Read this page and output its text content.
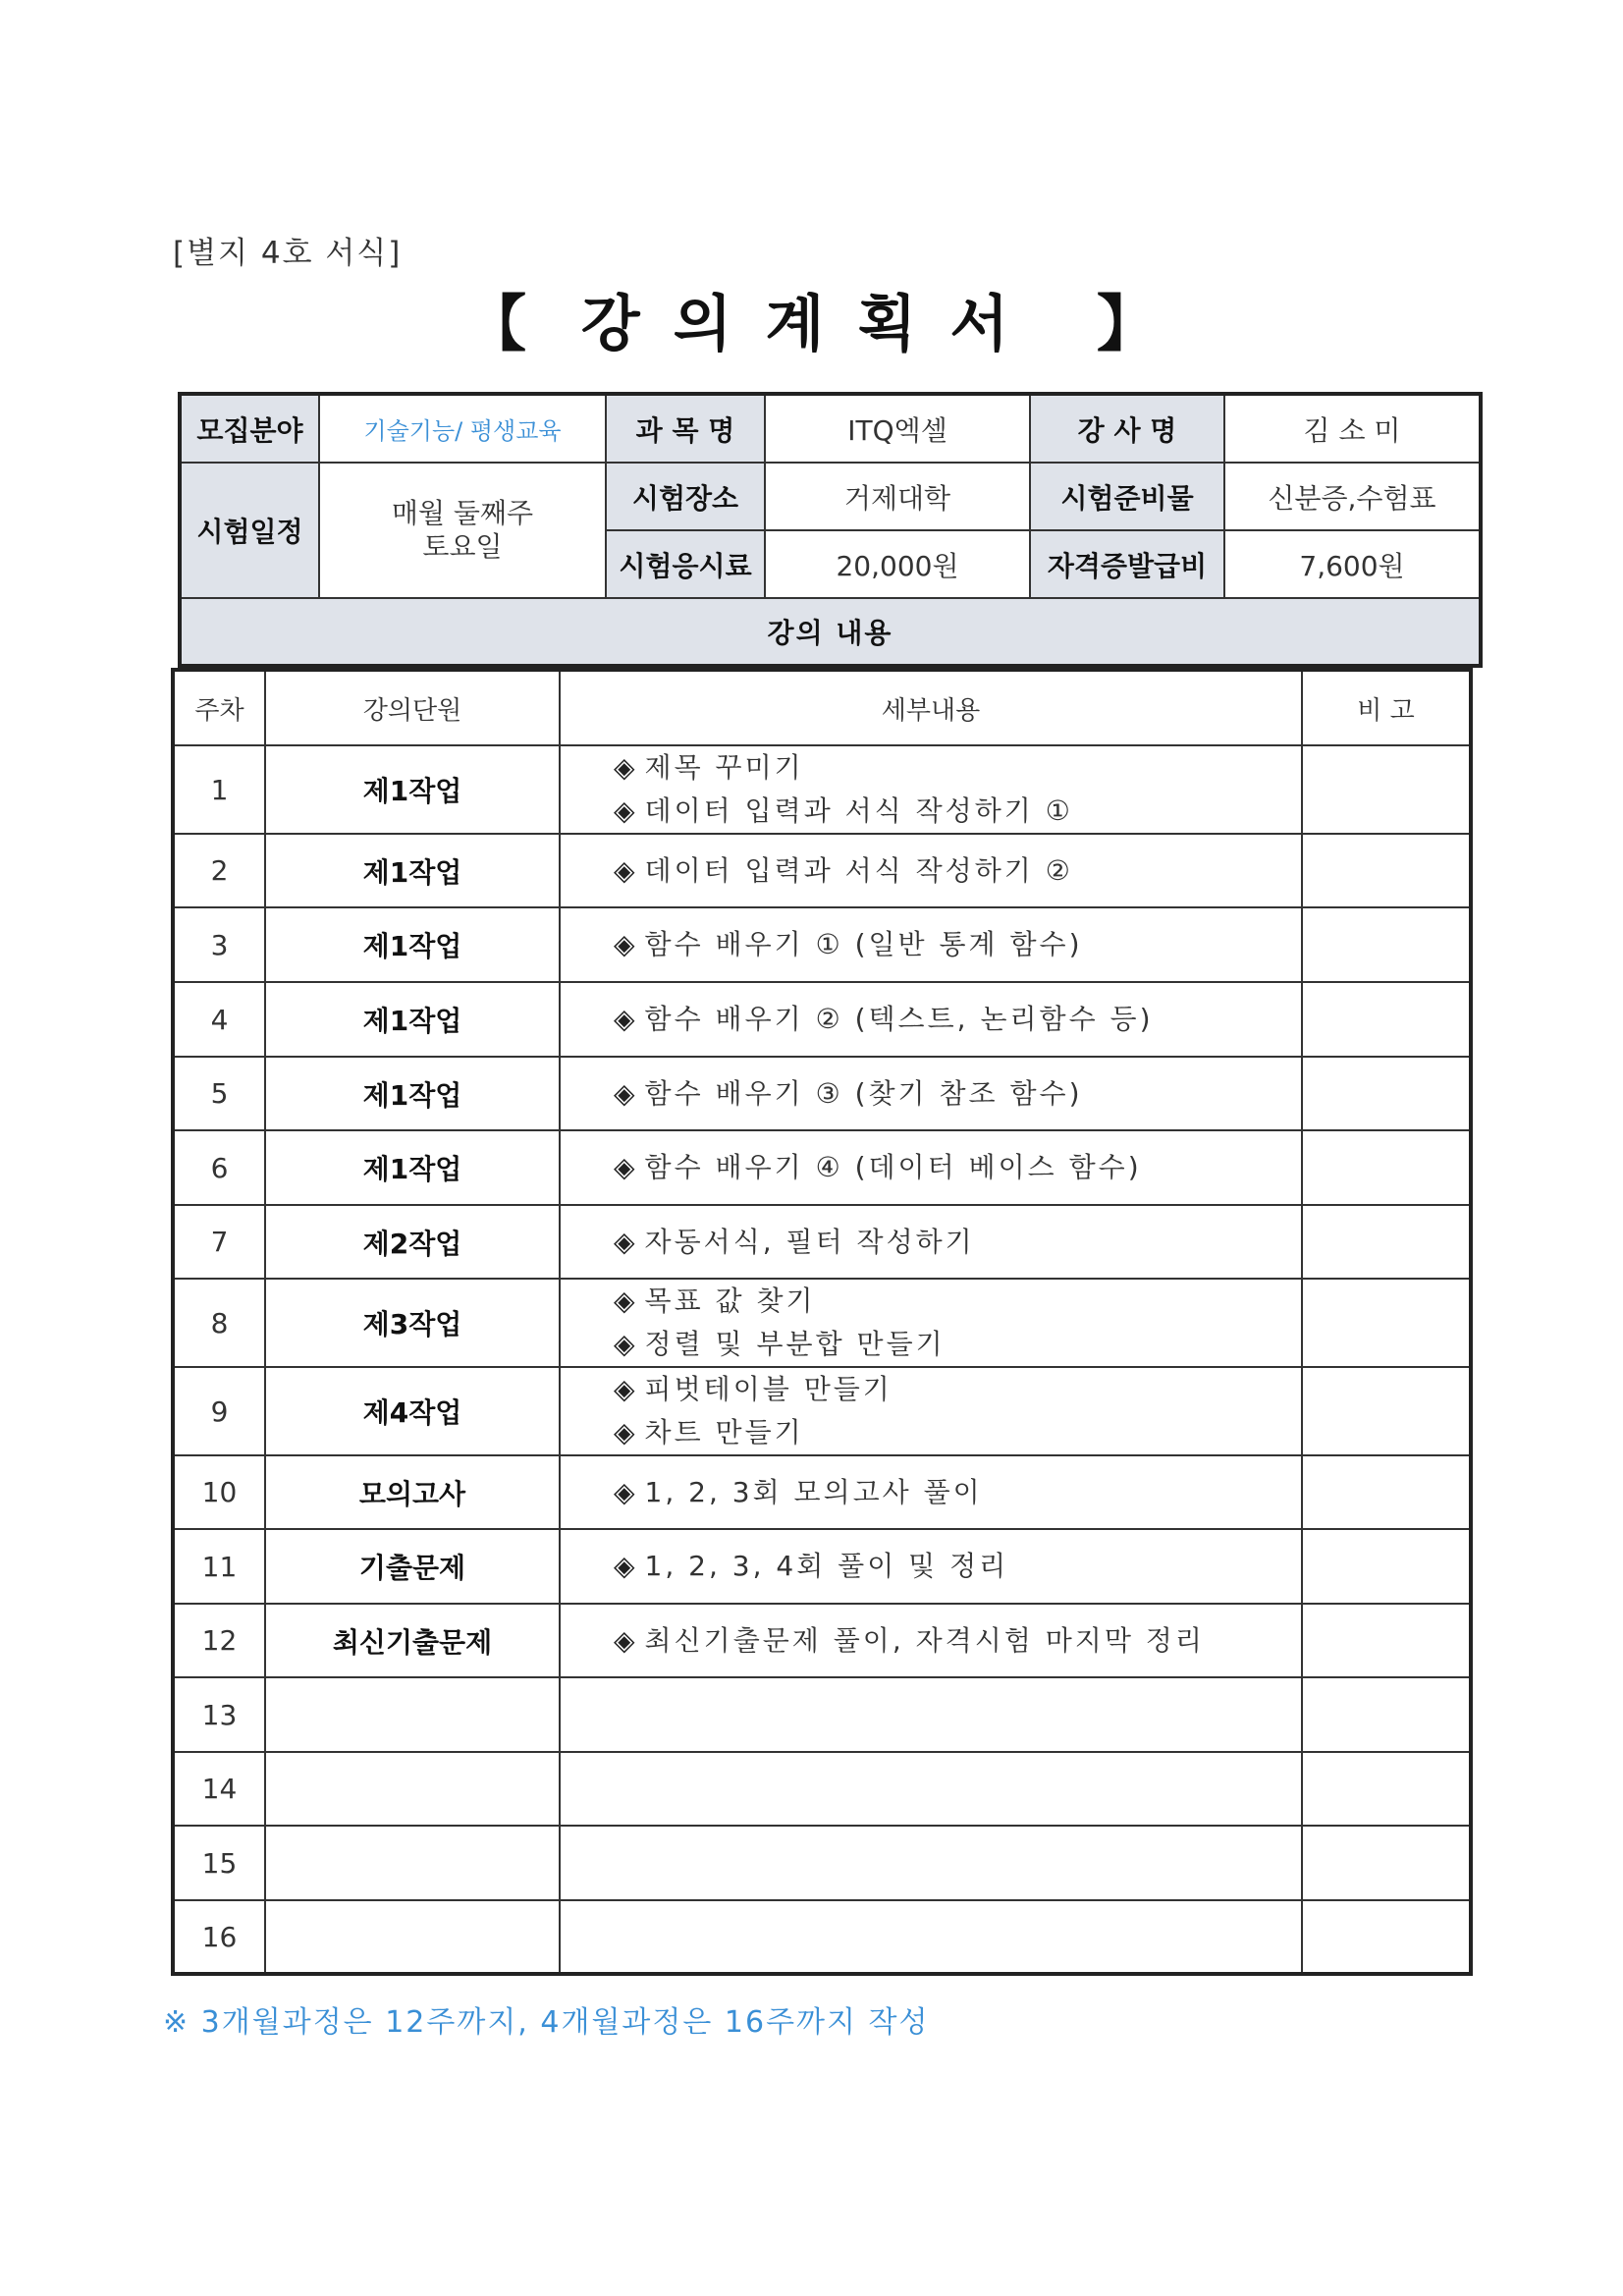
[별지 4호 서식]
【 강의계획서 】
모집분야	기술기능/ 평생교육	과 목 명	ITQ엑셀	강 사 명	김 소 미
시험일정	매월 둘째주 토요일	시험장소	거제대학	시험준비물	신분증,수험표
		시험응시료	20,000원	자격증발급비	7,600원
강의 내용					
주차	강의단원	세부내용	비 고
1	제1작업	◈ 제목 꾸미기
◈ 데이터 입력과 서식 작성하기 ①	

2	제1작업	◈ 데이터 입력과 서식 작성하기 ②	

3	제1작업	◈ 함수 배우기 ① (일반 통계 함수)	

4	제1작업	◈ 함수 배우기 ② (텍스트, 논리함수 등)	

5	제1작업	◈ 함수 배우기 ③ (찾기 참조 함수)	

6	제1작업	◈ 함수 배우기 ④ (데이터 베이스 함수)	

7	제2작업	◈ 자동서식, 필터 작성하기	

8	제3작업	◈ 목표 값 찾기
◈ 정렬 및 부분합 만들기	

9	제4작업	◈ 피벗테이블 만들기
◈ 차트 만들기	

10	모의고사	◈ 1, 2, 3회 모의고사 풀이	

11	기출문제	◈ 1, 2, 3, 4회 풀이 및 정리	

12	최신기출문제	◈ 최신기출문제 풀이, 자격시험 마지막 정리	

13			
14			
15			
16			
※ 3개월과정은 12주까지, 4개월과정은 16주까지 작성
